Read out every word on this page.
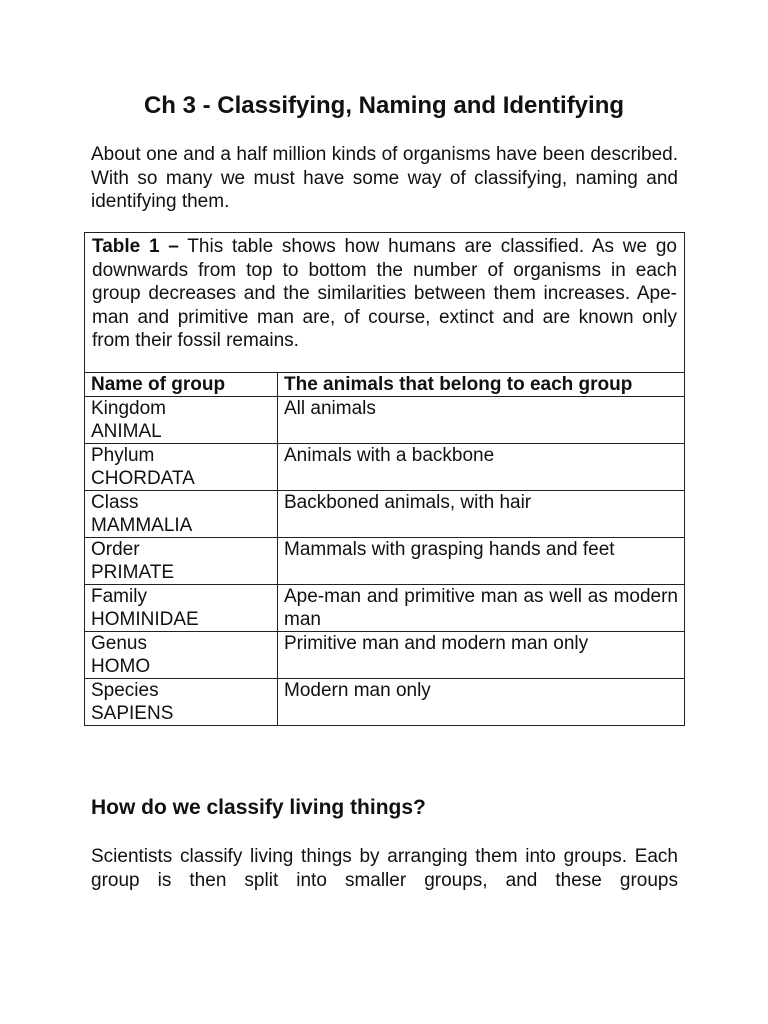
Ch 3 - Classifying, Naming and Identifying

About one and a half million kinds of organisms have been described. With so many we must have some way of classifying, naming and identifying them.

Table 1 – This table shows how humans are classified. As we go downwards from top to bottom the number of organisms in each group decreases and the similarities between them increases. Ape-man and primitive man are, of course, extinct and are known only from their fossil remains.
Name of group	The animals that belong to each group

Kingdom
ANIMAL	All animals

Phylum
CHORDATA	Animals with a backbone

Class
MAMMALIA	Backboned animals, with hair

Order
PRIMATE	Mammals with grasping hands and feet

Family
HOMINIDAE	Ape-man and primitive man as well as modern man

Genus
HOMO	Primitive man and modern man only

Species
SAPIENS	Modern man only
How do we classify living things?

Scientists classify living things by arranging them into groups. Each group is then split into smaller groups, and these groups
